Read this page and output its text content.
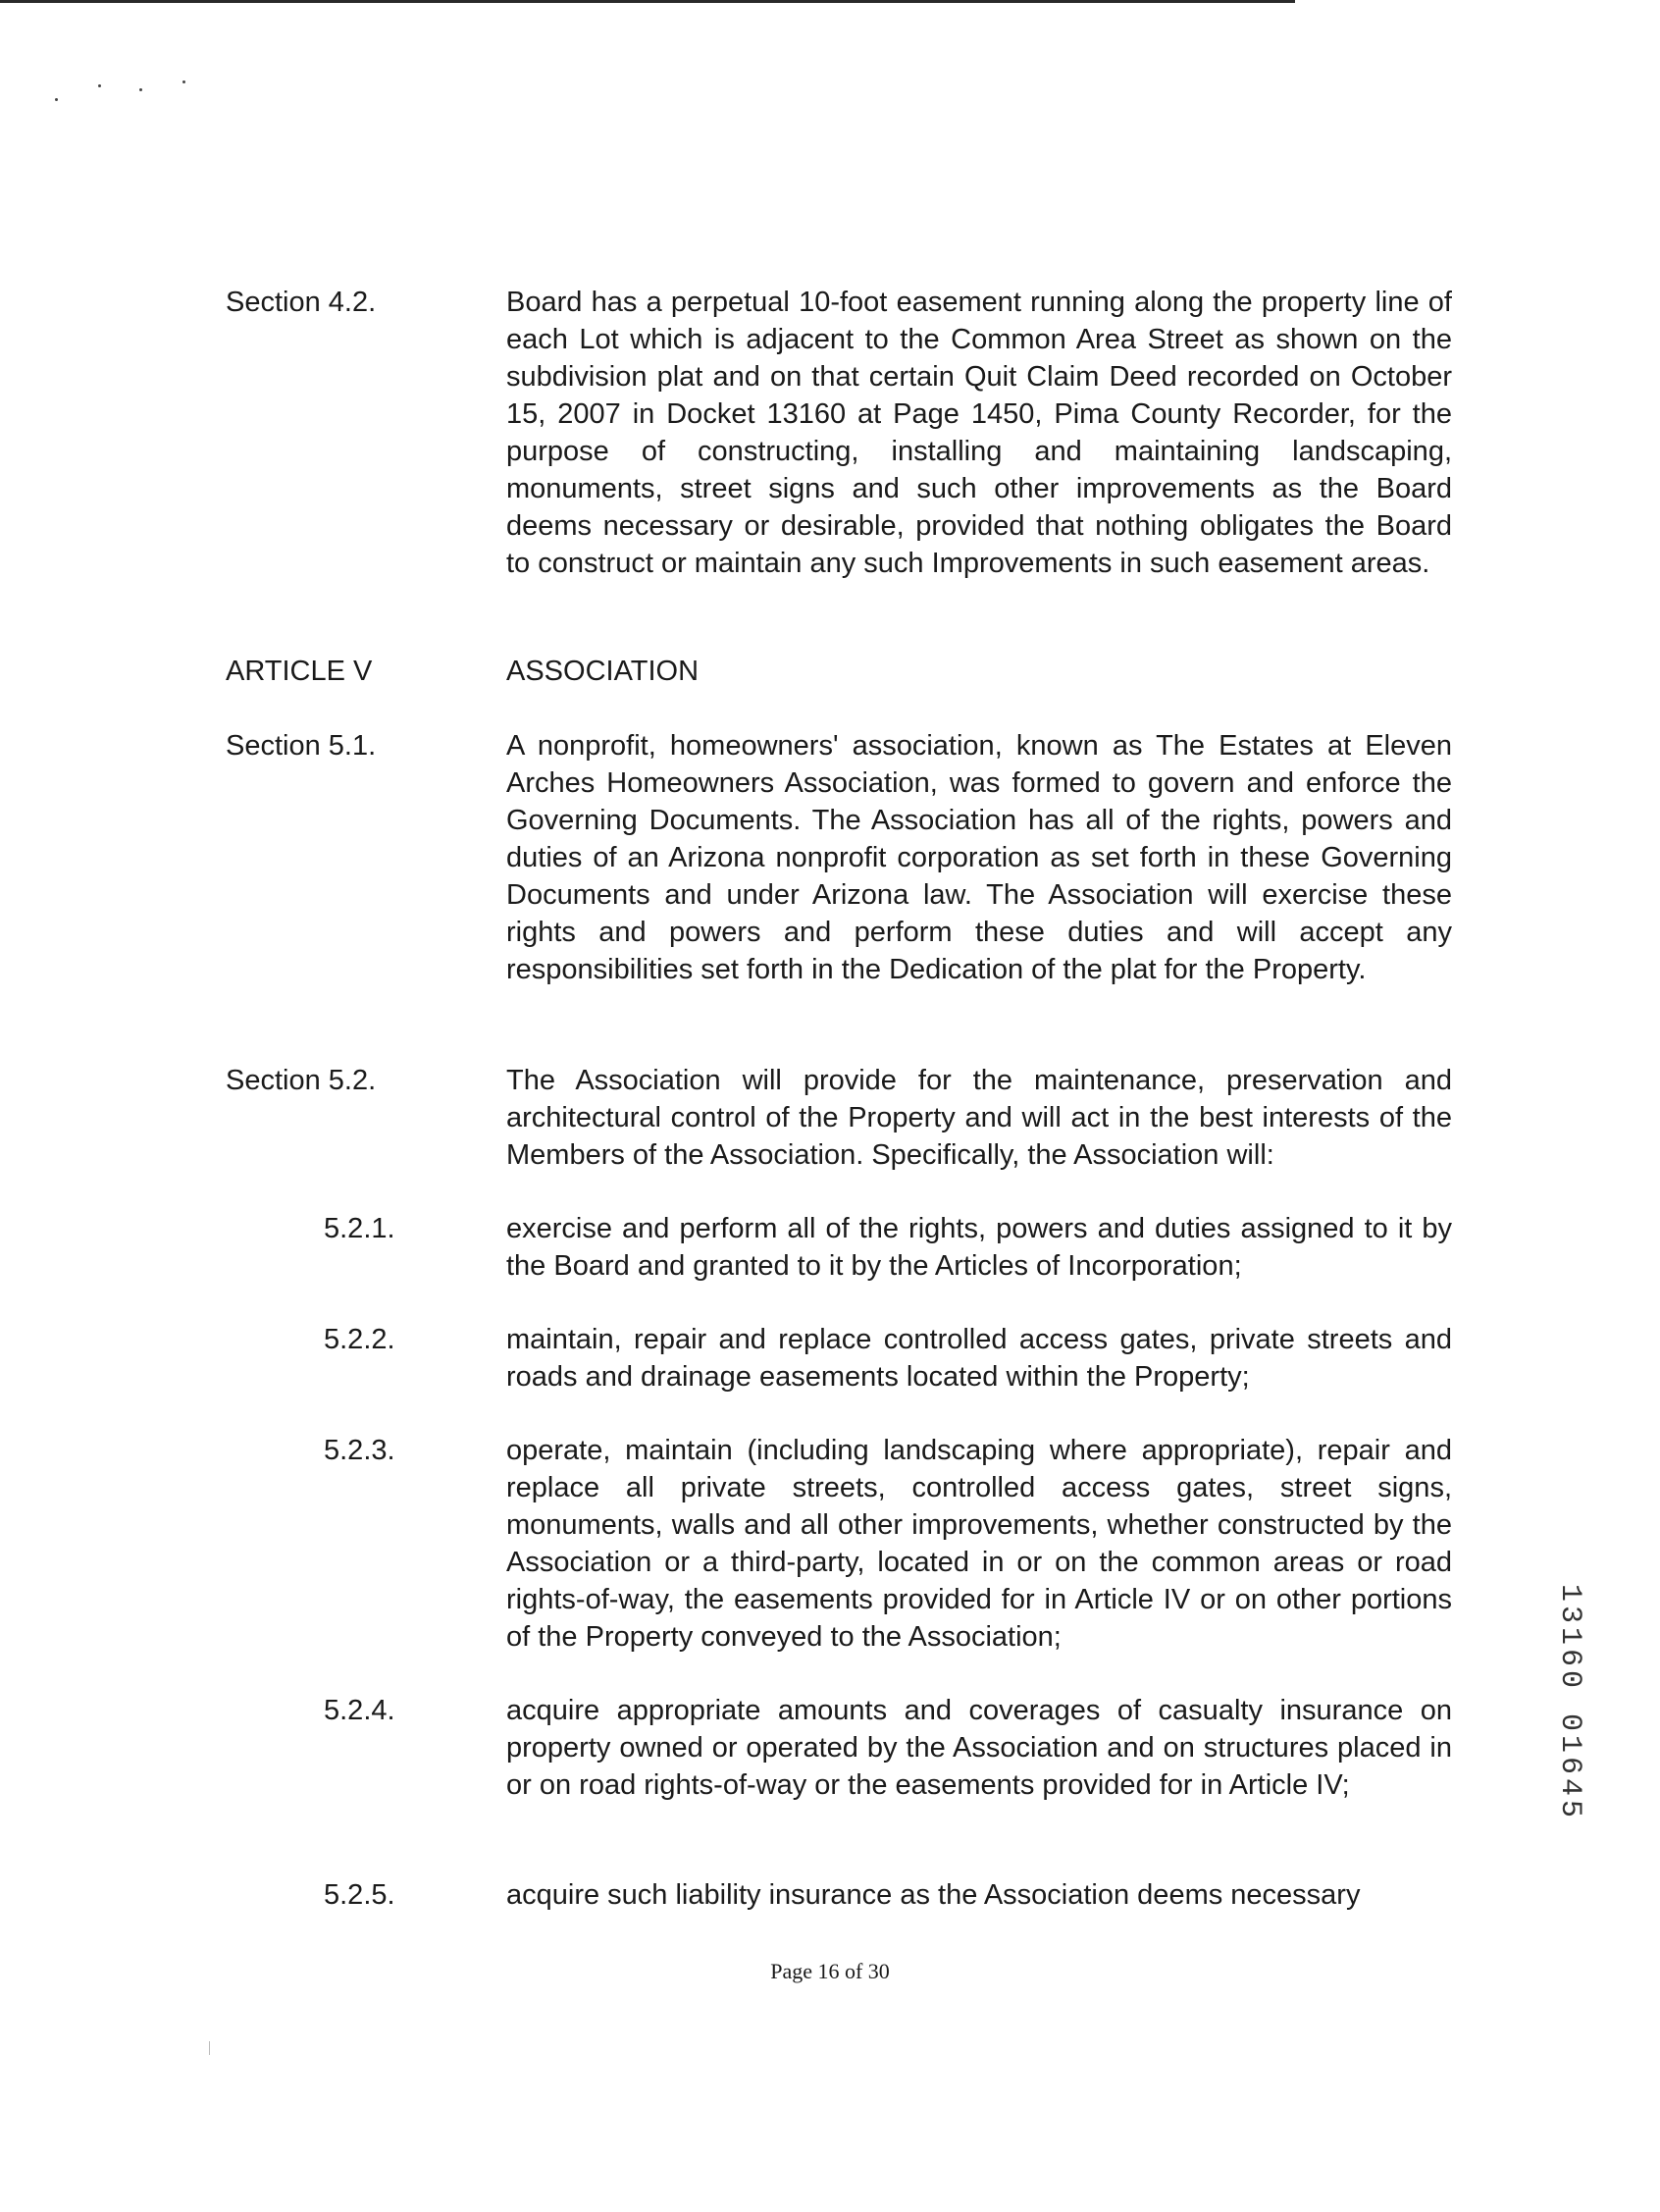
Section 4.2.	Board has a perpetual 10-foot easement running along the property line of each Lot which is adjacent to the Common Area Street as shown on the subdivision plat and on that certain Quit Claim Deed recorded on October 15, 2007 in Docket 13160 at Page 1450, Pima County Recorder, for the purpose of constructing, installing and maintaining landscaping, monuments, street signs and such other improvements as the Board deems necessary or desirable, provided that nothing obligates the Board to construct or maintain any such Improvements in such easement areas.
ARTICLE V	ASSOCIATION
Section 5.1.	A nonprofit, homeowners' association, known as The Estates at Eleven Arches Homeowners Association, was formed to govern and enforce the Governing Documents. The Association has all of the rights, powers and duties of an Arizona nonprofit corporation as set forth in these Governing Documents and under Arizona law. The Association will exercise these rights and powers and perform these duties and will accept any responsibilities set forth in the Dedication of the plat for the Property.
Section 5.2.	The Association will provide for the maintenance, preservation and architectural control of the Property and will act in the best interests of the Members of the Association. Specifically, the Association will:
5.2.1.	exercise and perform all of the rights, powers and duties assigned to it by the Board and granted to it by the Articles of Incorporation;
5.2.2.	maintain, repair and replace controlled access gates, private streets and roads and drainage easements located within the Property;
5.2.3.	operate, maintain (including landscaping where appropriate), repair and replace all private streets, controlled access gates, street signs, monuments, walls and all other improvements, whether constructed by the Association or a third-party, located in or on the common areas or road rights-of-way, the easements provided for in Article IV or on other portions of the Property conveyed to the Association;
5.2.4.	acquire appropriate amounts and coverages of casualty insurance on property owned or operated by the Association and on structures placed in or on road rights-of-way or the easements provided for in Article IV;
5.2.5.	acquire such liability insurance as the Association deems necessary
Page 16 of 30
13160 01645
